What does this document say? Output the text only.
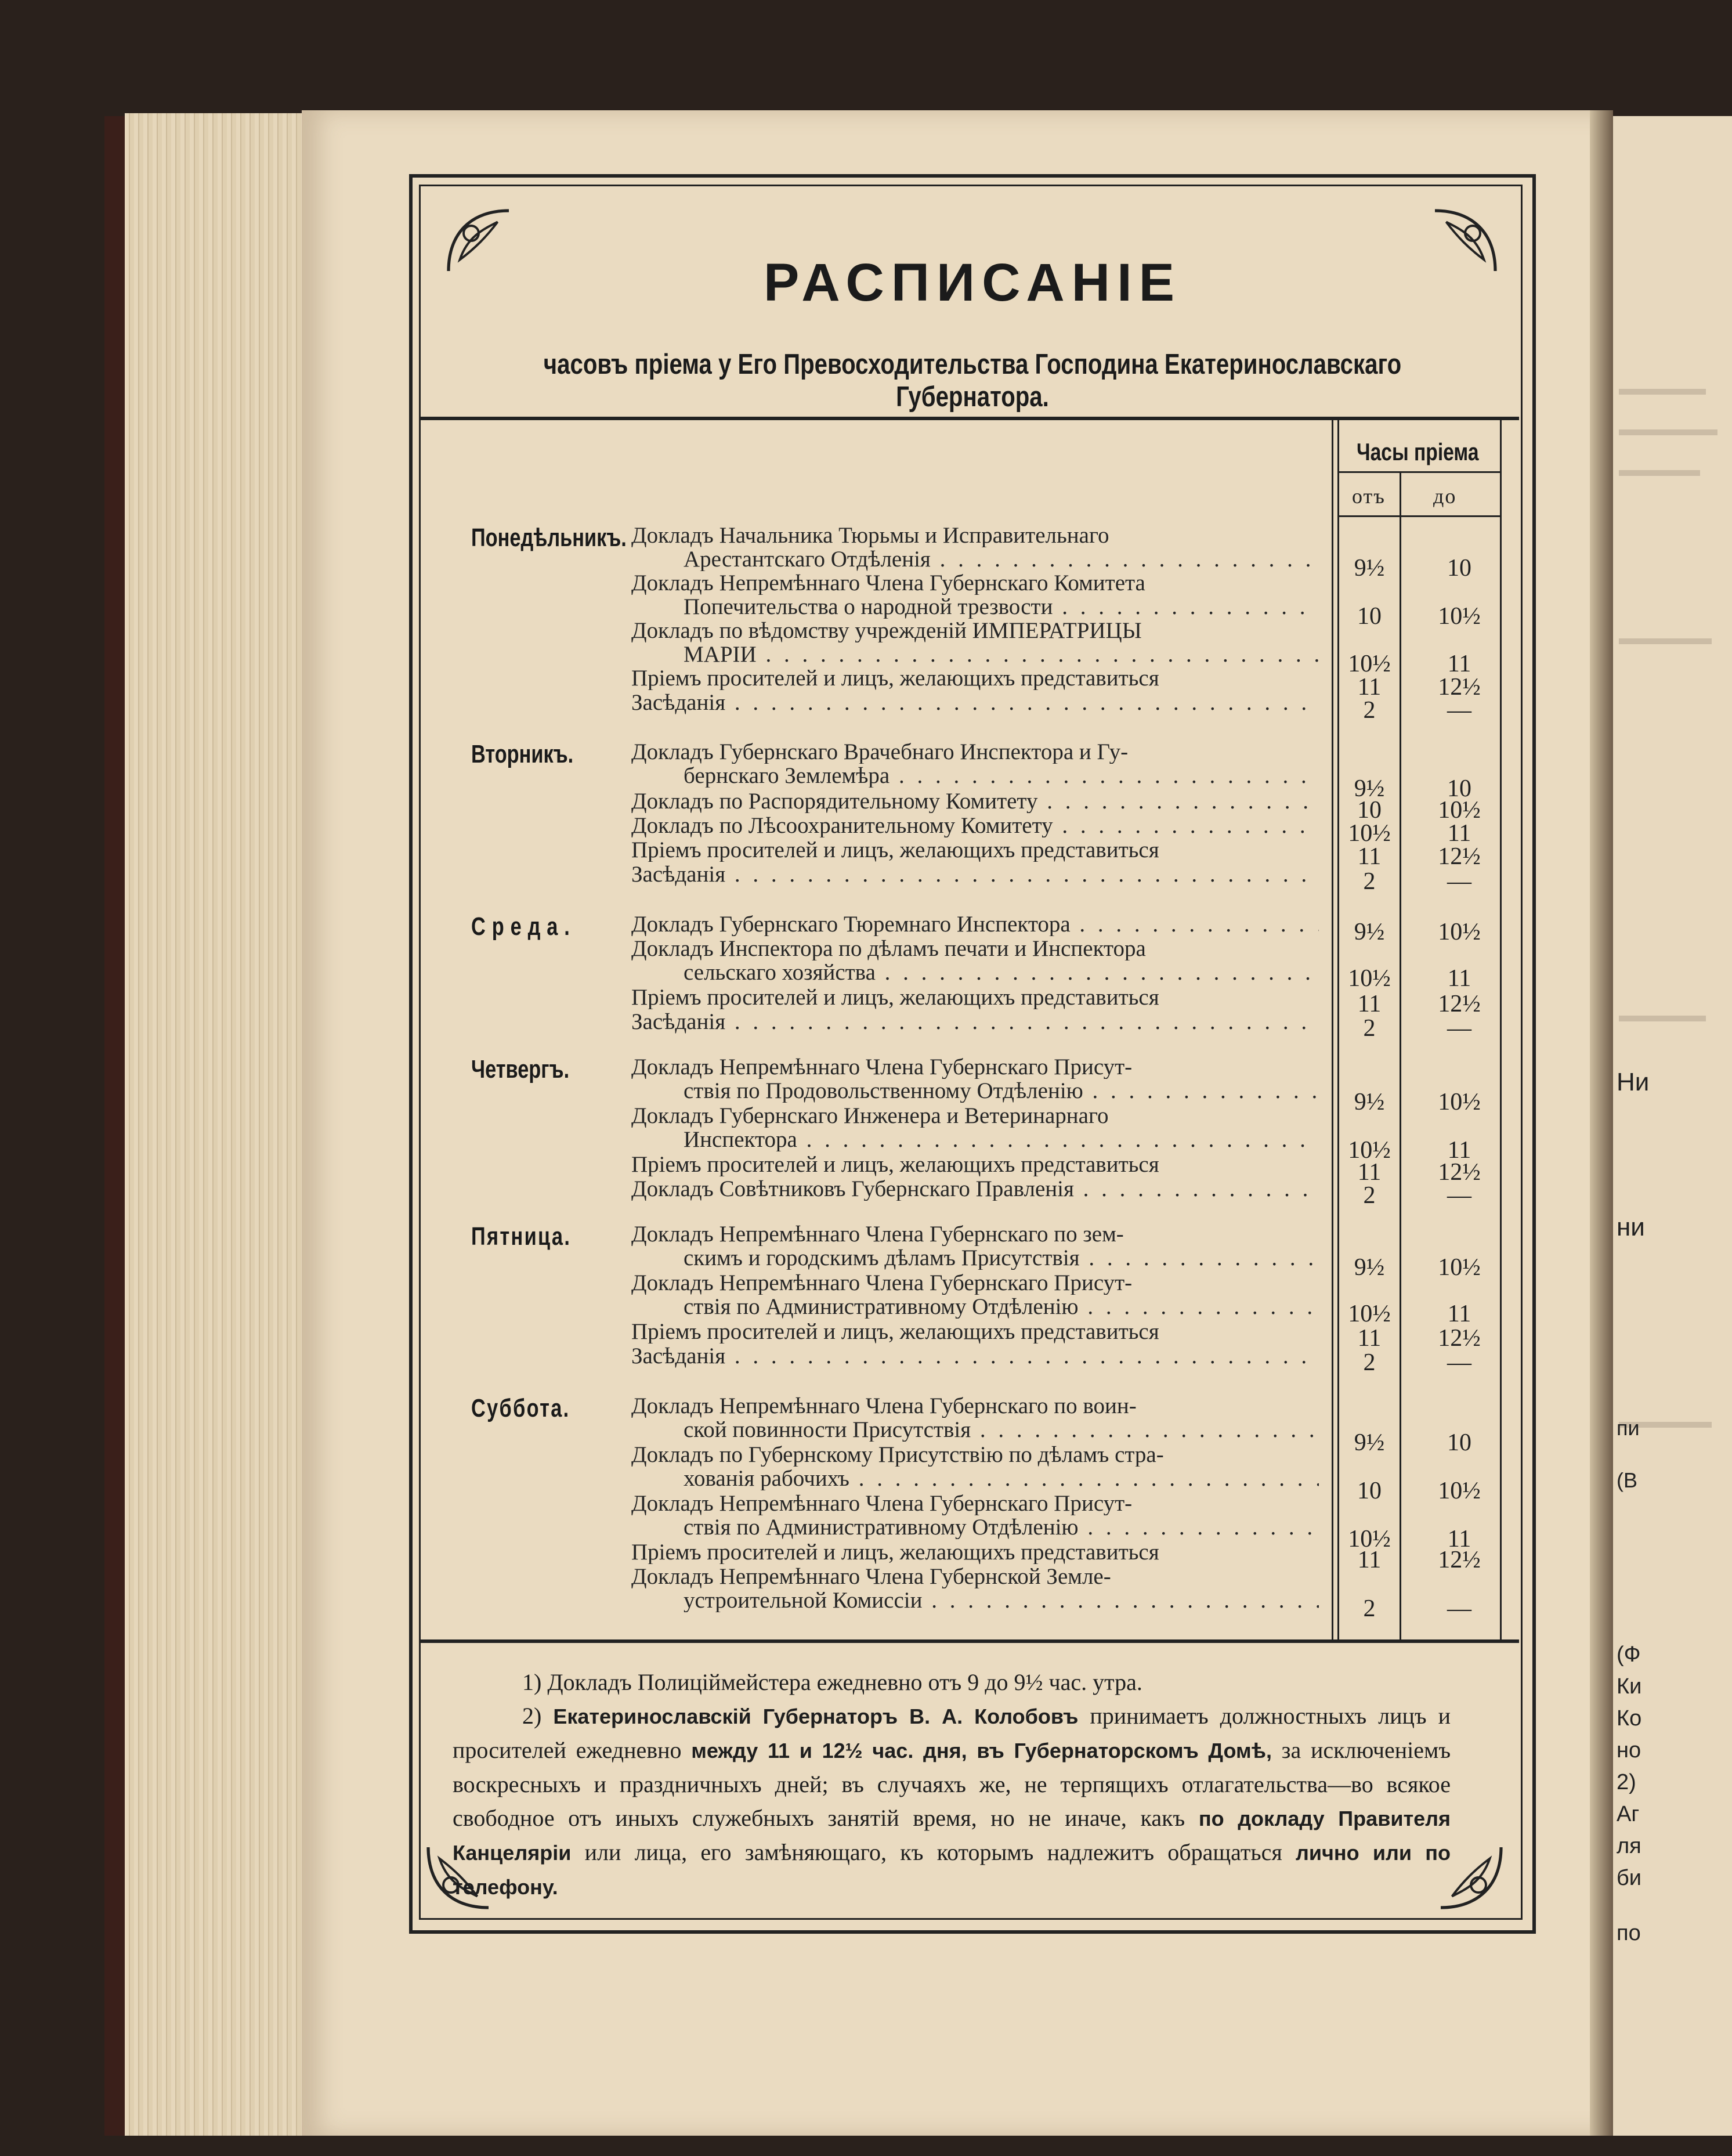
Ни
ни
пи
(В
(Ф
Ки
Ко
но
2)
Аг
ля
би
по
РАСПИСАНІЕ
часовъ пріема у Его Превосходительства Господина Екатеринославскаго Губернатора.
Часы пріема
отъ до
Понедѣльникъ. Докладъ Начальника Тюрьмы и Исправительнаго
Арестантскаго Отдѣленія . . .	9½	10
Докладъ Непремѣннаго Члена Губернскаго Комитета
Попечительства о народной трезвости . . .	10	10½
Докладъ по вѣдомству учрежденій ИМПЕРАТРИЦЫ
МАРІИ . . .	10½	11
Пріемъ просителей и лицъ, желающихъ представиться	11	12½
Засѣданія . . .	2	—
Вторникъ.	Докладъ Губернскаго Врачебнаго Инспектора и Гу-
бернскаго Землемѣра . . .	9½	10
Докладъ по Распорядительному Комитету . . .	10	10½
Докладъ по Лѣсоохранительному Комитету . . .	10½	11
Пріемъ просителей и лицъ, желающихъ представиться	11	12½
Засѣданія . . .	2	—
Среда. Докладъ Губернскаго Тюремнаго Инспектора . . .	9½	10½
Докладъ Инспектора по дѣламъ печати и Инспектора
сельскаго хозяйства . . .	10½	11
Пріемъ просителей и лицъ, желающихъ представиться	11	12½
Засѣданія . . .	2	—
Четвергъ.	Докладъ Непремѣннаго Члена Губернскаго Присут-
ствія по Продовольственному Отдѣленію . . .	9½	10½
Докладъ Губернскаго Инженера и Ветеринарнаго
Инспектора . . .	10½	11
Пріемъ просителей и лицъ, желающихъ представиться	11	12½
Докладъ Совѣтниковъ Губернскаго Правленія . . .	2	—
Пятница.	Докладъ Непремѣннаго Члена Губернскаго по зем-
скимъ и городскимъ дѣламъ Присутствія . . .	9½	10½
Докладъ Непремѣннаго Члена Губернскаго Присут-
ствія по Административному Отдѣленію . . .	10½	11
Пріемъ просителей и лицъ, желающихъ представиться	11	12½
Засѣданія . . .	2	—
Суббота.	Докладъ Непремѣннаго Члена Губернскаго по воин-
ской повинности Присутствія . . .	9½	10
Докладъ по Губернскому Присутствію по дѣламъ стра-
хованія рабочихъ . . .	10	10½
Докладъ Непремѣннаго Члена Губернскаго Присут-
ствія по Административному Отдѣленію . . .	10½	11
Пріемъ просителей и лицъ, желающихъ представиться	11	12½
Докладъ Непремѣннаго Члена Губернской Земле-
устроительной Комиссіи . . .	2	—
1) Докладъ Полиціймейстера ежедневно отъ 9 до 9½ час. утра.
2) Екатеринославскій Губернаторъ В. А. Колобовъ принимаетъ должностныхъ лицъ и просителей ежедневно между 11 и 12½ час. дня, въ Губернаторскомъ Домѣ, за исключеніемъ воскресныхъ и праздничныхъ дней; въ случаяхъ же, не терпящихъ отлагательства—во всякое свободное отъ иныхъ служебныхъ занятій время, но не иначе, какъ по докладу Правителя Канцеляріи или лица, его замѣняющаго, къ которымъ надлежитъ обращаться лично или по телефону.
